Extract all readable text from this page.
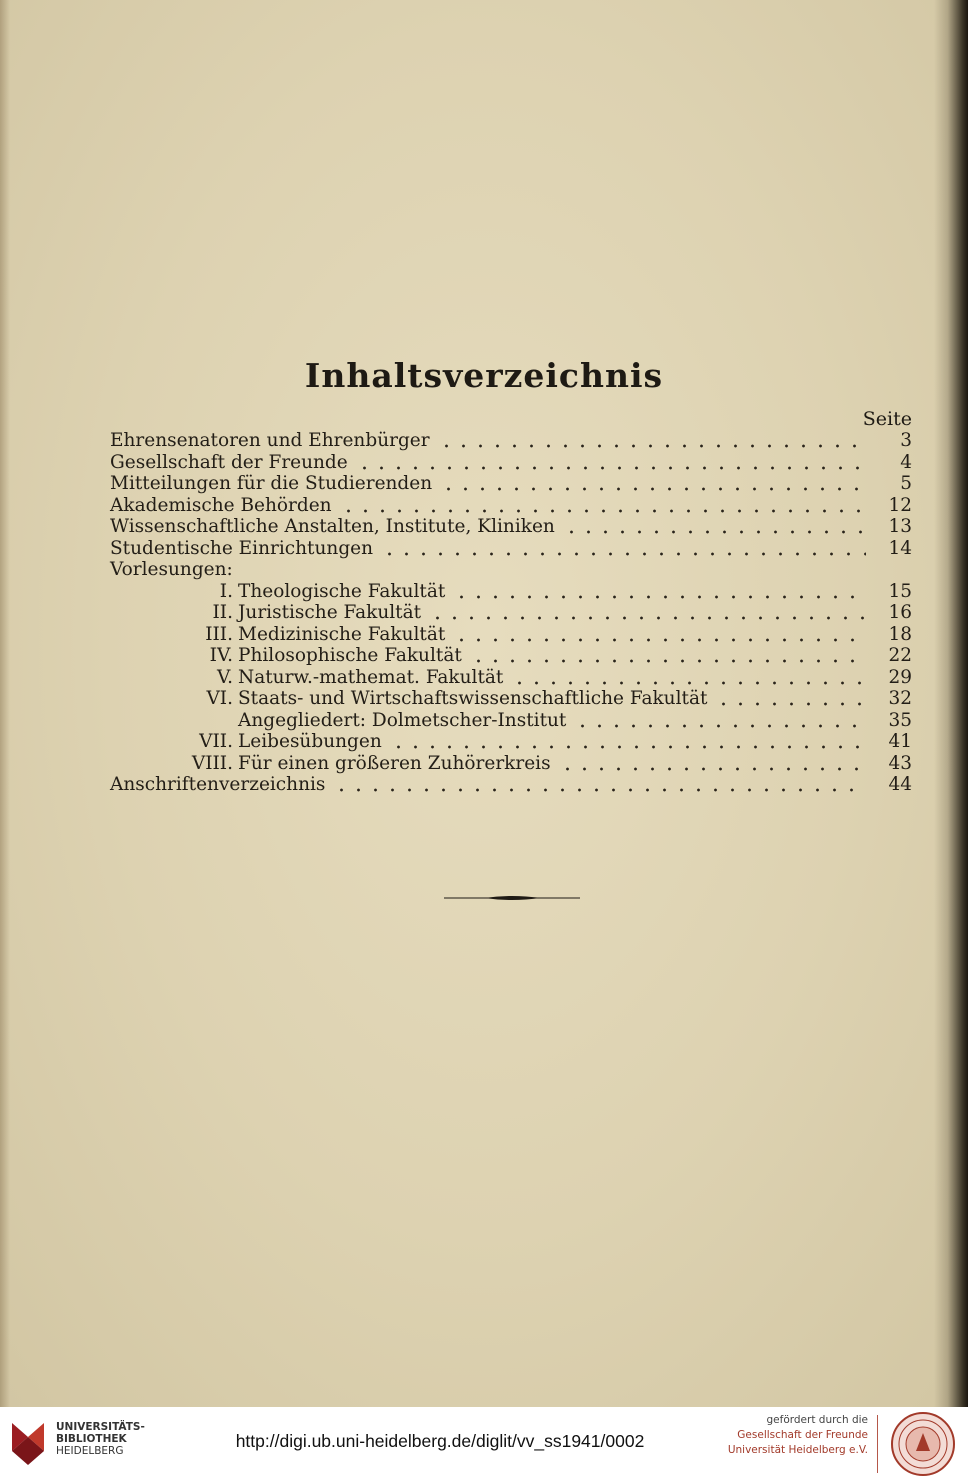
Inhaltsverzeichnis
Seite
Ehrensenatoren und Ehrenbürger	3
Gesellschaft der Freunde	4
Mitteilungen für die Studierenden	5
Akademische Behörden	12
Wissenschaftliche Anstalten, Institute, Kliniken	13
Studentische Einrichtungen	14
Vorlesungen:
I. Theologische Fakultät	15
II. Juristische Fakultät	16
III. Medizinische Fakultät	18
IV. Philosophische Fakultät	22
V. Naturw.-mathemat. Fakultät	29
VI. Staats- und Wirtschaftswissenschaftliche Fakultät	32
Angegliedert: Dolmetscher-Institut	35
VII. Leibesübungen	41
VIII. Für einen größeren Zuhörerkreis	43
Anschriftenverzeichnis	44
UNIVERSITÄTS-
BIBLIOTHEK
HEIDELBERG	http://digi.ub.uni-heidelberg.de/diglit/vv_ss1941/0002
gefördert durch die
Gesellschaft der Freunde
Universität Heidelberg e.V.
